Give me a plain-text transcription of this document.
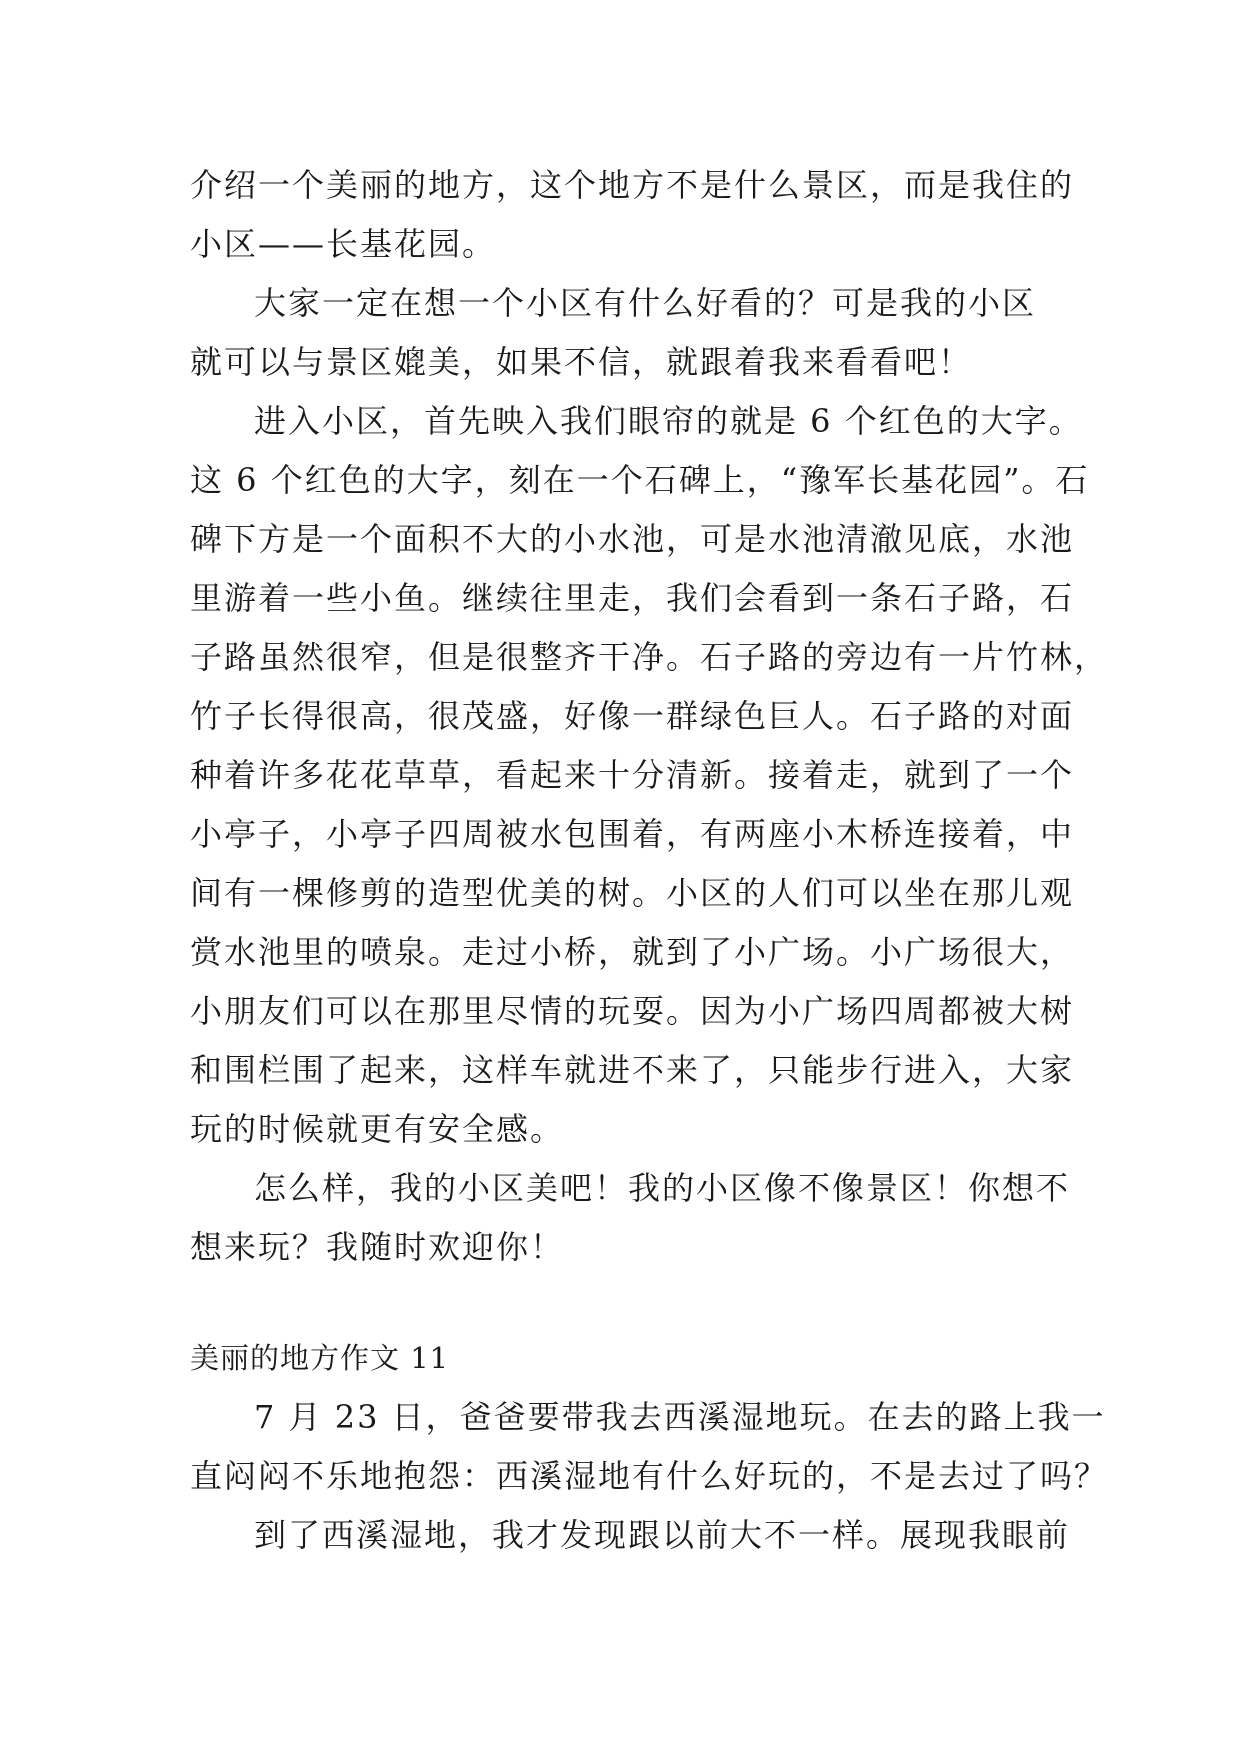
介绍一个美丽的地方，这个地方不是什么景区，而是我住的
小区——长基花园。
大家一定在想一个小区有什么好看的？可是我的小区
就可以与景区媲美，如果不信，就跟着我来看看吧！
进入小区，首先映入我们眼帘的就是 6 个红色的大字。
这 6 个红色的大字，刻在一个石碑上，“豫军长基花园”。石
碑下方是一个面积不大的小水池，可是水池清澈见底，水池
里游着一些小鱼。继续往里走，我们会看到一条石子路，石
子路虽然很窄，但是很整齐干净。石子路的旁边有一片竹林，
竹子长得很高，很茂盛，好像一群绿色巨人。石子路的对面
种着许多花花草草，看起来十分清新。接着走，就到了一个
小亭子，小亭子四周被水包围着，有两座小木桥连接着，中
间有一棵修剪的造型优美的树。小区的人们可以坐在那儿观
赏水池里的喷泉。走过小桥，就到了小广场。小广场很大，
小朋友们可以在那里尽情的玩耍。因为小广场四周都被大树
和围栏围了起来，这样车就进不来了，只能步行进入，大家
玩的时候就更有安全感。
怎么样，我的小区美吧！我的小区像不像景区！你想不
想来玩？我随时欢迎你！
美丽的地方作文 11
7 月 23 日，爸爸要带我去西溪湿地玩。在去的路上我一
直闷闷不乐地抱怨：西溪湿地有什么好玩的，不是去过了吗？
到了西溪湿地，我才发现跟以前大不一样。展现我眼前
